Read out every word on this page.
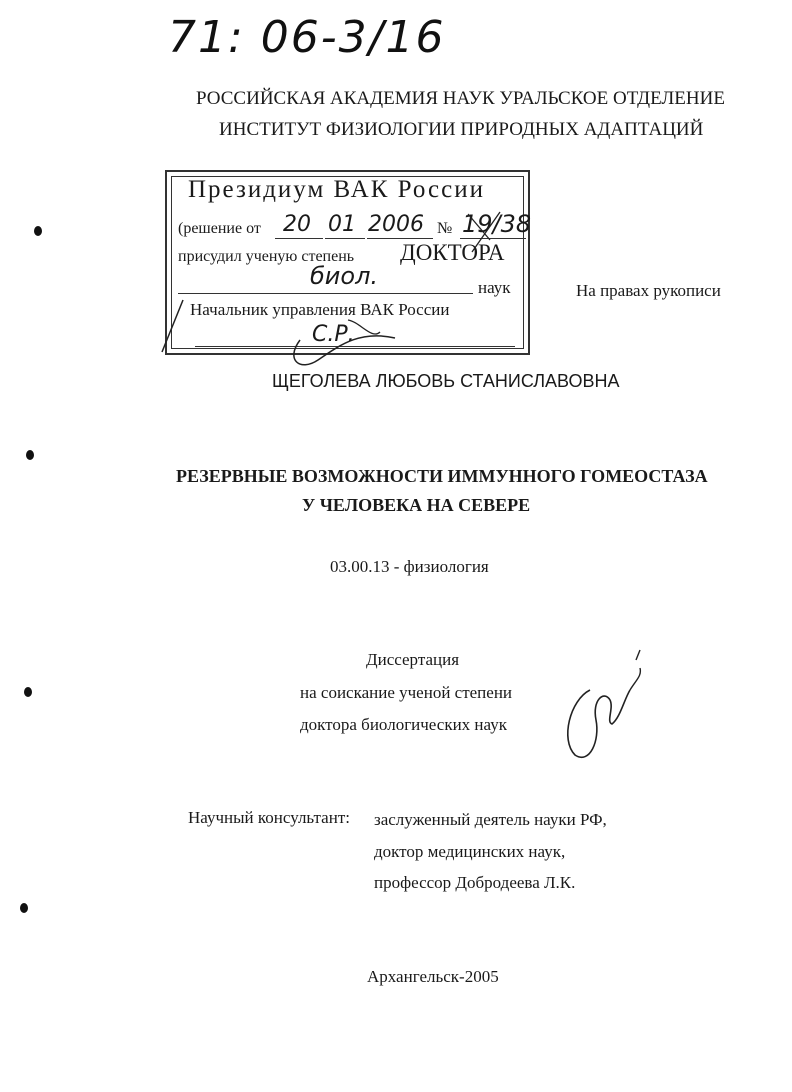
71: 06-3/16
РОССИЙСКАЯ АКАДЕМИЯ НАУК УРАЛЬСКОЕ ОТДЕЛЕНИЕ
ИНСТИТУТ ФИЗИОЛОГИИ ПРИРОДНЫХ АДАПТАЦИЙ
Президиум ВАК России
(решение от 20 01 2006 № 19/38
присудил ученую степень ДОКТОРА
биол.	наук
Начальник управления ВАК России
С.Р.
На правах рукописи
ЩЕГОЛЕВА ЛЮБОВЬ СТАНИСЛАВОВНА
РЕЗЕРВНЫЕ ВОЗМОЖНОСТИ ИММУННОГО ГОМЕОСТАЗА
У ЧЕЛОВЕКА НА СЕВЕРЕ
03.00.13 - физиология
Диссертация
на соискание ученой степени
доктора биологических наук
Научный консультант: заслуженный деятель науки РФ,
доктор медицинских наук,
профессор Добродеева Л.К.
Архангельск-2005
